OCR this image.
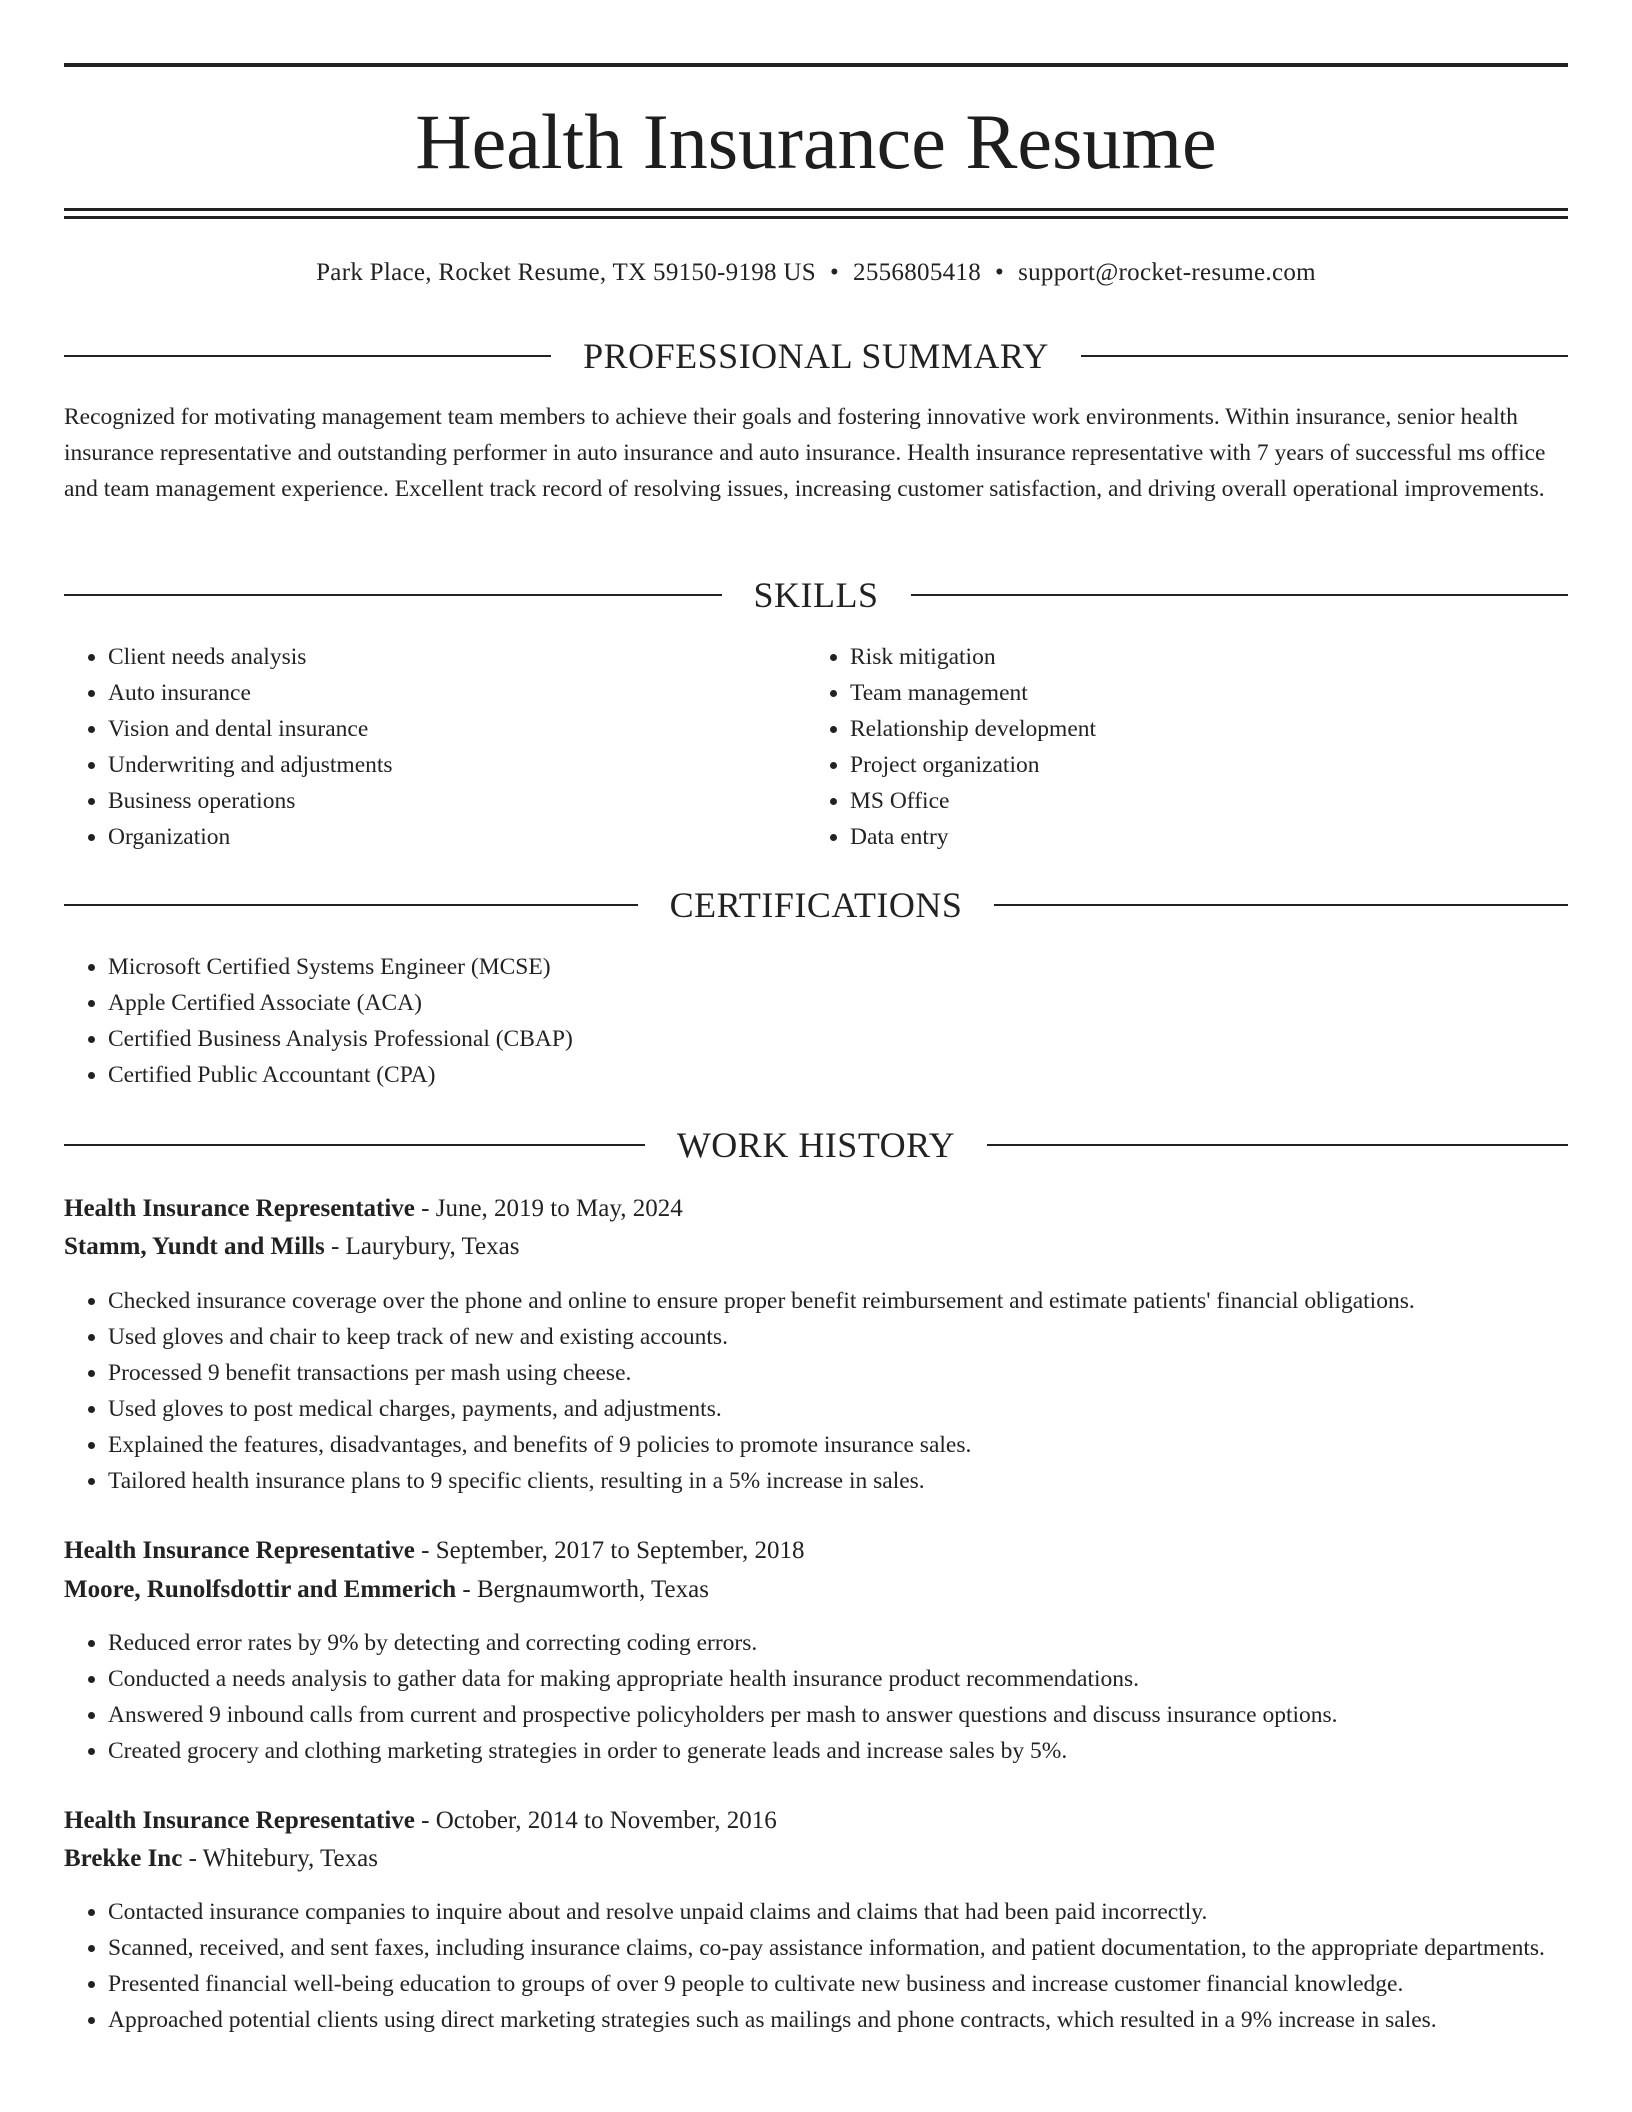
Health Insurance Resume
Park Place, Rocket Resume, TX 59150-9198 US • 2556805418 • support@rocket-resume.com
PROFESSIONAL SUMMARY

Recognized for motivating management team members to achieve their goals and fostering innovative work environments. Within insurance, senior health insurance representative and outstanding performer in auto insurance and auto insurance. Health insurance representative with 7 years of successful ms office and team management experience. Excellent track record of resolving issues, increasing customer satisfaction, and driving overall operational improvements.

SKILLS
• Client needs analysis
• Auto insurance
• Vision and dental insurance
• Underwriting and adjustments
• Business operations
• Organization
• Risk mitigation
• Team management
• Relationship development
• Project organization
• MS Office
• Data entry
CERTIFICATIONS
• Microsoft Certified Systems Engineer (MCSE)
• Apple Certified Associate (ACA)
• Certified Business Analysis Professional (CBAP)
• Certified Public Accountant (CPA)
WORK HISTORY
Health Insurance Representative - June, 2019 to May, 2024
Stamm, Yundt and Mills - Laurybury, Texas
• Checked insurance coverage over the phone and online to ensure proper benefit reimbursement and estimate patients' financial obligations.
• Used gloves and chair to keep track of new and existing accounts.
• Processed 9 benefit transactions per mash using cheese.
• Used gloves to post medical charges, payments, and adjustments.
• Explained the features, disadvantages, and benefits of 9 policies to promote insurance sales.
• Tailored health insurance plans to 9 specific clients, resulting in a 5% increase in sales.
Health Insurance Representative - September, 2017 to September, 2018
Moore, Runolfsdottir and Emmerich - Bergnaumworth, Texas
• Reduced error rates by 9% by detecting and correcting coding errors.
• Conducted a needs analysis to gather data for making appropriate health insurance product recommendations.
• Answered 9 inbound calls from current and prospective policyholders per mash to answer questions and discuss insurance options.
• Created grocery and clothing marketing strategies in order to generate leads and increase sales by 5%.
Health Insurance Representative - October, 2014 to November, 2016
Brekke Inc - Whitebury, Texas
• Contacted insurance companies to inquire about and resolve unpaid claims and claims that had been paid incorrectly.
• Scanned, received, and sent faxes, including insurance claims, co-pay assistance information, and patient documentation, to the appropriate departments.
• Presented financial well-being education to groups of over 9 people to cultivate new business and increase customer financial knowledge.
• Approached potential clients using direct marketing strategies such as mailings and phone contracts, which resulted in a 9% increase in sales.
